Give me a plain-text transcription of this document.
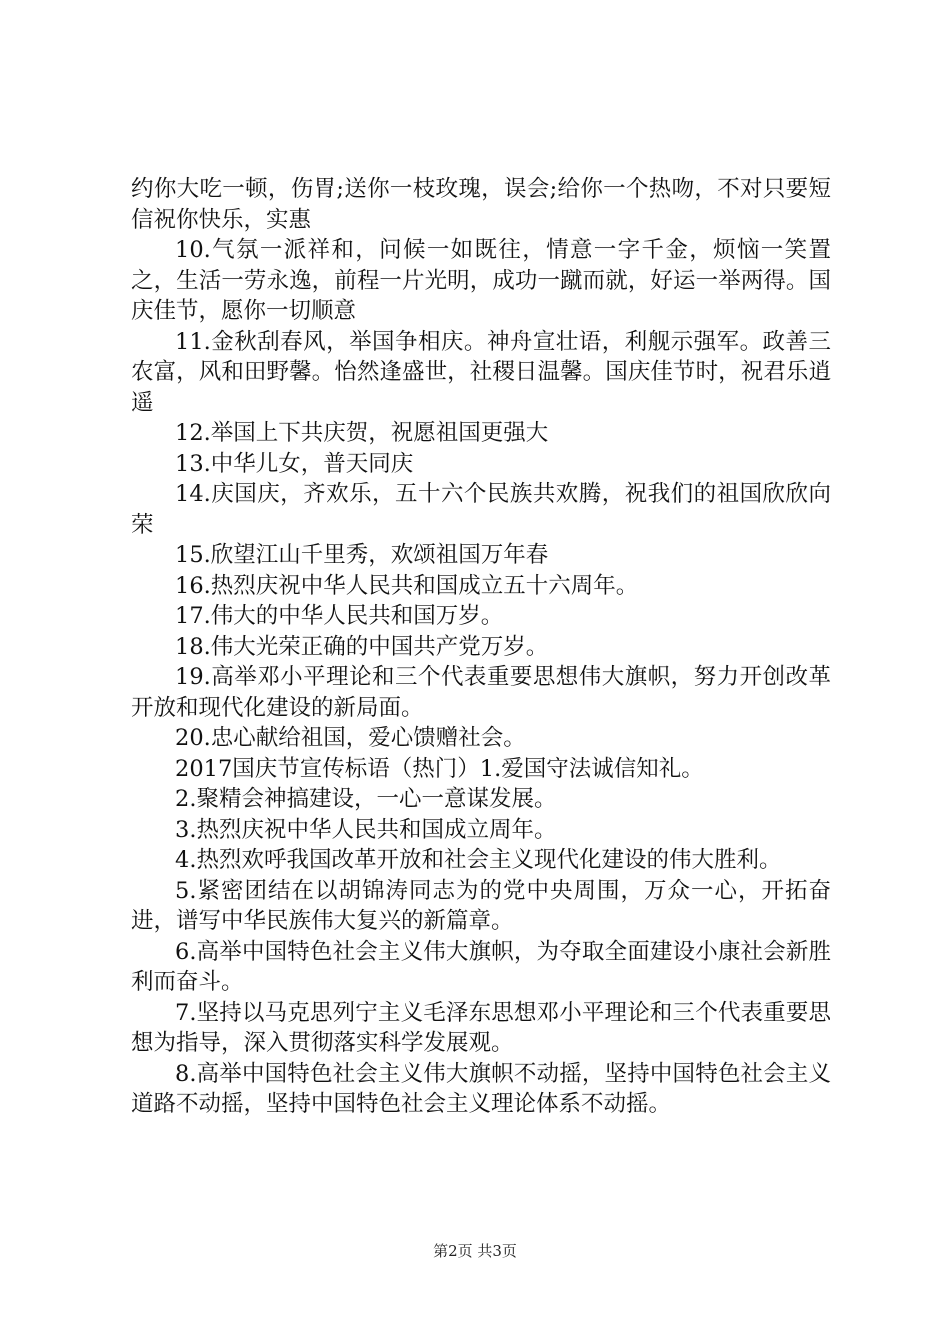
约你大吃一顿，伤胃;送你一枝玫瑰，误会;给你一个热吻，不对只要短信祝你快乐，实惠

10.气氛一派祥和，问候一如既往，情意一字千金，烦恼一笑置之，生活一劳永逸，前程一片光明，成功一蹴而就，好运一举两得。国庆佳节，愿你一切顺意

11.金秋刮春风，举国争相庆。神舟宣壮语，利舰示强军。政善三农富，风和田野馨。怡然逢盛世，社稷日温馨。国庆佳节时，祝君乐逍遥

12.举国上下共庆贺，祝愿祖国更强大

13.中华儿女，普天同庆

14.庆国庆，齐欢乐，五十六个民族共欢腾，祝我们的祖国欣欣向荣

15.欣望江山千里秀，欢颂祖国万年春

16.热烈庆祝中华人民共和国成立五十六周年。

17.伟大的中华人民共和国万岁。

18.伟大光荣正确的中国共产党万岁。

19.高举邓小平理论和三个代表重要思想伟大旗帜，努力开创改革开放和现代化建设的新局面。

20.忠心献给祖国，爱心馈赠社会。

2017国庆节宣传标语（热门）1.爱国守法诚信知礼。

2.聚精会神搞建设，一心一意谋发展。

3.热烈庆祝中华人民共和国成立周年。

4.热烈欢呼我国改革开放和社会主义现代化建设的伟大胜利。

5.紧密团结在以胡锦涛同志为的党中央周围，万众一心，开拓奋进，谱写中华民族伟大复兴的新篇章。

6.高举中国特色社会主义伟大旗帜，为夺取全面建设小康社会新胜利而奋斗。

7.坚持以马克思列宁主义毛泽东思想邓小平理论和三个代表重要思想为指导，深入贯彻落实科学发展观。

8.高举中国特色社会主义伟大旗帜不动摇，坚持中国特色社会主义道路不动摇，坚持中国特色社会主义理论体系不动摇。

第2页 共3页
